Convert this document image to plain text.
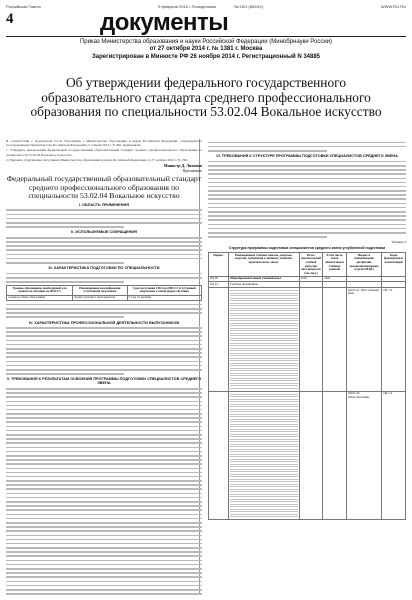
Российская Газета	9 февраля 2015 • Понедельник	№ 26/1 (6594/1)	WWW.RG.RU
4	документы
Приказ Министерства образования и науки Российской Федерации (Минобрнауки России)
от 27 октября 2014 г. № 1381 г. Москва
Зарегистрирован в Минюсте РФ 26 ноября 2014 г. Регистрационный N 34885
Об утверждении федерального государственного образовательного стандарта среднего профессионального образования по специальности 53.02.04 Вокальное искусство

В соответствии с подпунктом 5.2.41 Положения о Министерстве образования и науки Российской Федерации, утвержденного постановлением Правительства Российской Федерации от 3 июня 2013 г. N 466, приказываю:

1. Утвердить прилагаемый федеральный государственный образовательный стандарт среднего профессионального образования по специальности 53.02.04 Вокальное искусство.

2. Признать утратившим силу приказ Министерства образования и науки Российской Федерации от 27 октября 2010 г. N 1381.

Министр Д. Ливанов
Приложение
Федеральный государственный образовательный стандарт среднего профессионального образования по специальности 53.02.04 Вокальное искусство
I. ОБЛАСТЬ ПРИМЕНЕНИЯ
II. ИСПОЛЬЗУЕМЫЕ СОКРАЩЕНИЯ
III. ХАРАКТЕРИСТИКА ПОДГОТОВКИ ПО СПЕЦИАЛЬНОСТИ
Уровень образования, необходимый для приема на обучение по ППССЗ	Наименование квалификации углубленной подготовки	Срок получения СПО по ППССЗ углубленной подготовки в очной форме обучения
основное общее образование	Артист-вокалист, преподаватель	3 года 10 месяцев
IV. ХАРАКТЕРИСТИКА ПРОФЕССИОНАЛЬНОЙ ДЕЯТЕЛЬНОСТИ ВЫПУСКНИКОВ
V. ТРЕБОВАНИЯ К РЕЗУЛЬТАТАМ ОСВОЕНИЯ ПРОГРАММЫ ПОДГОТОВКИ СПЕЦИАЛИСТОВ СРЕДНЕГО ЗВЕНА
VI. ТРЕБОВАНИЯ К СТРУКТУРЕ ПРОГРАММЫ ПОДГОТОВКИ СПЕЦИАЛИСТОВ СРЕДНЕГО ЗВЕНА
Таблица 3
Структура программы подготовки специалистов среднего звена углубленной подготовки
Индекс	Наименование учебных циклов, разделов, модулей, требования к знаниям, умениям, практическому опыту	Всего максимальной учебной нагрузки обучающегося (час./нед.)	В том числе часов обязательных учебных занятий	Индекс и наименование дисциплин, междисциплинарных курсов (МДК)	Коды формируемых компетенций
ОД.00	Общеобразовательный учебный цикл	2106	1404		
ОД.01	Учебные дисциплины				

			ОД.01.01. Иностранный язык	ОК 1-9

			ОД.01.02. Обществознание	ОК 1-9
